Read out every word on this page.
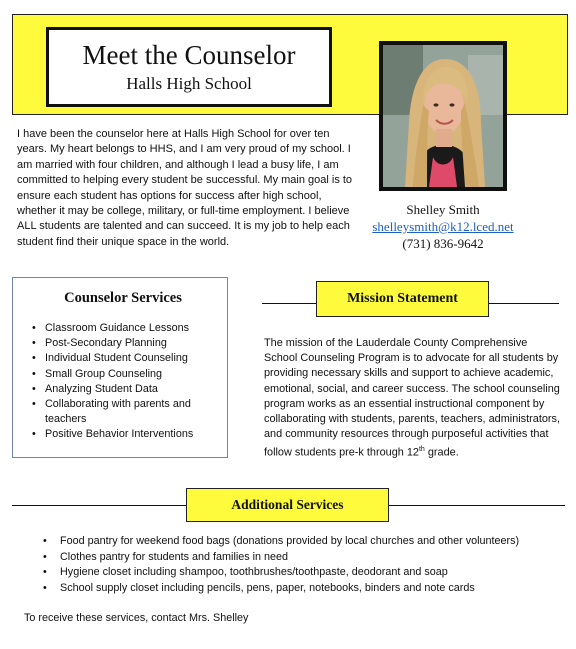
Meet the Counselor
Halls High School

I have been the counselor here at Halls High School for over ten years. My heart belongs to HHS, and I am very proud of my school. I am married with four children, and although I lead a busy life, I am committed to helping every student be successful. My main goal is to ensure each student has options for success after high school, whether it may be college, military, or full-time employment. I believe ALL students are talented and can succeed. It is my job to help each student find their unique space in the world.

Shelley Smith
shelleysmith@k12.lced.net
(731) 836-9642
Counselor Services
• Classroom Guidance Lessons
• Post-Secondary Planning
• Individual Student Counseling
• Small Group Counseling
• Analyzing Student Data
• Collaborating with parents and teachers
• Positive Behavior Interventions
Mission Statement

The mission of the Lauderdale County Comprehensive School Counseling Program is to advocate for all students by providing necessary skills and support to achieve academic, emotional, social, and career success. The school counseling program works as an essential instructional component by collaborating with students, parents, teachers, administrators, and community resources through purposeful activities that follow students pre-k through 12th grade.

Additional Services
• Food pantry for weekend food bags (donations provided by local churches and other volunteers)
• Clothes pantry for students and families in need
• Hygiene closet including shampoo, toothbrushes/toothpaste, deodorant and soap
• School supply closet including pencils, pens, paper, notebooks, binders and note cards

To receive these services, contact Mrs. Shelley
